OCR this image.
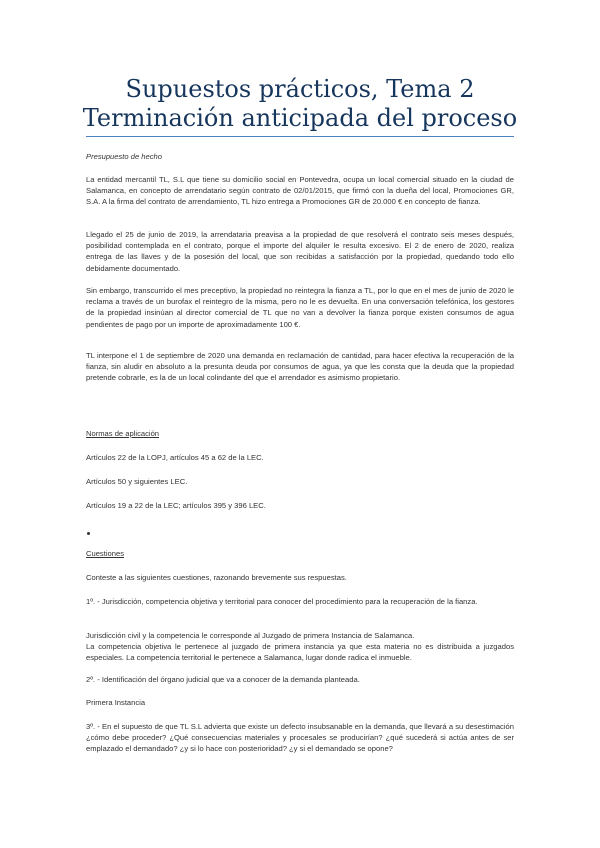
Supuestos prácticos, Tema 2
Terminación anticipada del proceso
Presupuesto de hecho
La entidad mercantil TL, S.L que tiene su domicilio social en Pontevedra, ocupa un local comercial situado en la ciudad de Salamanca, en concepto de arrendatario según contrato de 02/01/2015, que firmó con la dueña del local, Promociones GR, S.A. A la firma del contrato de arrendamiento, TL hizo entrega a Promociones GR de 20.000 € en concepto de fianza.
Llegado el 25 de junio de 2019, la arrendataria preavisa a la propiedad de que resolverá el contrato seis meses después, posibilidad contemplada en el contrato, porque el importe del alquiler le resulta excesivo. El 2 de enero de 2020, realiza entrega de las llaves y de la posesión del local, que son recibidas a satisfacción por la propiedad, quedando todo ello debidamente documentado.
Sin embargo, transcurrido el mes preceptivo, la propiedad no reintegra la fianza a TL, por lo que en el mes de junio de 2020 le reclama a través de un burofax el reintegro de la misma, pero no le es devuelta. En una conversación telefónica, los gestores de la propiedad insinúan al director comercial de TL que no van a devolver la fianza porque existen consumos de agua pendientes de pago por un importe de aproximadamente 100 €.
TL interpone el 1 de septiembre de 2020 una demanda en reclamación de cantidad, para hacer efectiva la recuperación de la fianza, sin aludir en absoluto a la presunta deuda por consumos de agua, ya que les consta que la deuda que la propiedad pretende cobrarle, es la de un local colindante del que el arrendador es asimismo propietario.
Normas de aplicación
Artículos 22 de la LOPJ, artículos 45 a 62 de la LEC.
Artículos 50 y siguientes LEC.
Artículos 19 a 22 de la LEC; artículos 395 y 396 LEC.
Cuestiones
Conteste a las siguientes cuestiones, razonando brevemente sus respuestas.
1º. - Jurisdicción, competencia objetiva y territorial para conocer del procedimiento para la recuperación de la fianza.
Jurisdicción civil y la competencia le corresponde al Juzgado de primera Instancia de Salamanca.
La competencia objetiva le pertenece al juzgado de primera instancia ya que esta materia no es distribuida a juzgados especiales. La competencia territorial le pertenece a Salamanca, lugar donde radica el inmueble.
2º. - Identificación del órgano judicial que va a conocer de la demanda planteada.
Primera Instancia
3º. - En el supuesto de que TL S.L advierta que existe un defecto insubsanable en la demanda, que llevará a su desestimación ¿cómo debe proceder? ¿Qué consecuencias materiales y procesales se producirían? ¿qué sucederá si actúa antes de ser emplazado el demandado? ¿y si lo hace con posterioridad? ¿y si el demandado se opone?
